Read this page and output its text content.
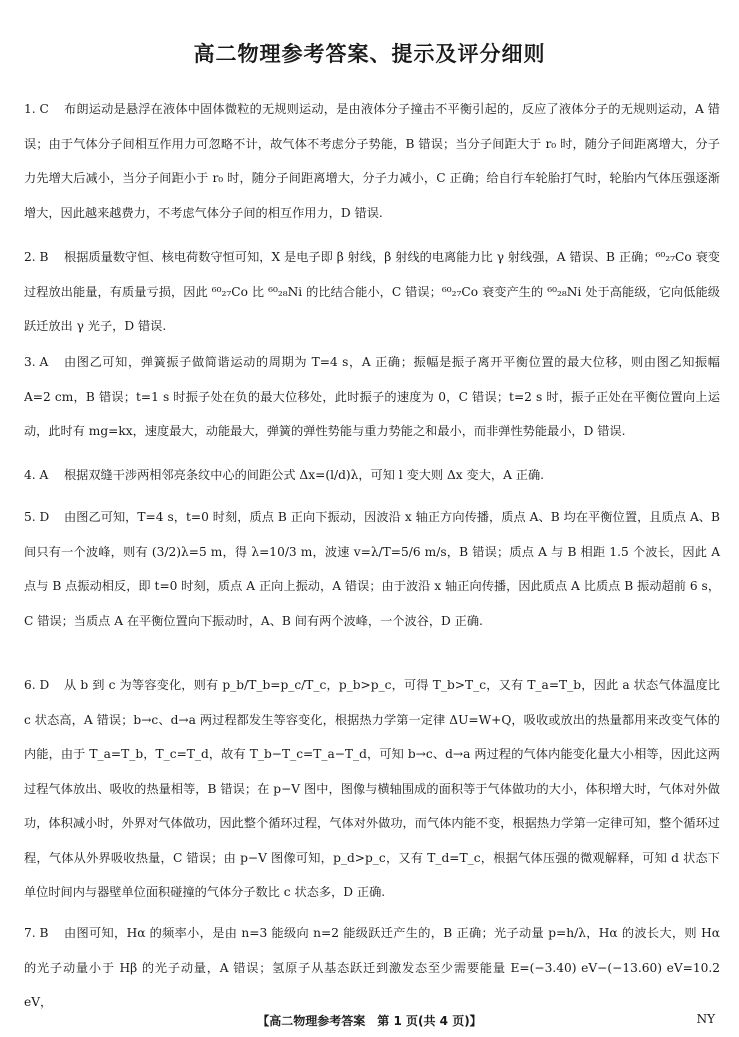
高二物理参考答案、提示及评分细则
1. C	布朗运动是悬浮在液体中固体微粒的无规则运动，是由液体分子撞击不平衡引起的，反应了液体分子的无规则运动，A 错误；由于气体分子间相互作用力可忽略不计，故气体不考虑分子势能，B 错误；当分子间距大于 r₀ 时，随分子间距离增大，分子力先增大后减小，当分子间距小于 r₀ 时，随分子间距离增大，分子力减小，C 正确；给自行车轮胎打气时，轮胎内气体压强逐渐增大，因此越来越费力，不考虑气体分子间的相互作用力，D 错误.
2. B	根据质量数守恒、核电荷数守恒可知，X 是电子即 β 射线，β 射线的电离能力比 γ 射线强，A 错误、B 正确；⁶⁰₂₇Co 衰变过程放出能量，有质量亏损，因此 ⁶⁰₂₇Co 比 ⁶⁰₂₈Ni 的比结合能小，C 错误；⁶⁰₂₇Co 衰变产生的 ⁶⁰₂₈Ni 处于高能级，它向低能级跃迁放出 γ 光子，D 错误.
3. A	由图乙可知，弹簧振子做简谐运动的周期为 T=4 s，A 正确；振幅是振子离开平衡位置的最大位移，则由图乙知振幅 A=2 cm，B 错误；t=1 s 时振子处在负的最大位移处，此时振子的速度为 0，C 错误；t=2 s 时，振子正处在平衡位置向上运动，此时有 mg=kx，速度最大，动能最大，弹簧的弹性势能与重力势能之和最小，而非弹性势能最小，D 错误.
4. A	根据双缝干涉两相邻亮条纹中心的间距公式 Δx=(l/d)λ，可知 l 变大则 Δx 变大，A 正确.
5. D	由图乙可知，T=4 s，t=0 时刻，质点 B 正向下振动，因波沿 x 轴正方向传播，质点 A、B 均在平衡位置，且质点 A、B 间只有一个波峰，则有 (3/2)λ=5 m，得 λ=10/3 m，波速 v=λ/T=5/6 m/s，B 错误；质点 A 与 B 相距 1.5 个波长，因此 A 点与 B 点振动相反，即 t=0 时刻，质点 A 正向上振动，A 错误；由于波沿 x 轴正向传播，因此质点 A 比质点 B 振动超前 6 s，C 错误；当质点 A 在平衡位置向下振动时，A、B 间有两个波峰，一个波谷，D 正确.
6. D	从 b 到 c 为等容变化，则有 p_b/T_b=p_c/T_c，p_b>p_c，可得 T_b>T_c，又有 T_a=T_b，因此 a 状态气体温度比 c 状态高，A 错误；b→c、d→a 两过程都发生等容变化，根据热力学第一定律 ΔU=W+Q，吸收或放出的热量都用来改变气体的内能，由于 T_a=T_b，T_c=T_d，故有 T_b−T_c=T_a−T_d，可知 b→c、d→a 两过程的气体内能变化量大小相等，因此这两过程气体放出、吸收的热量相等，B 错误；在 p−V 图中，图像与横轴围成的面积等于气体做功的大小，体积增大时，气体对外做功，体积减小时，外界对气体做功，因此整个循环过程，气体对外做功，而气体内能不变，根据热力学第一定律可知，整个循环过程，气体从外界吸收热量，C 错误；由 p−V 图像可知，p_d>p_c，又有 T_d=T_c，根据气体压强的微观解释，可知 d 状态下单位时间内与器壁单位面积碰撞的气体分子数比 c 状态多，D 正确.
7. B	由图可知，Hα 的频率小，是由 n=3 能级向 n=2 能级跃迁产生的，B 正确；光子动量 p=h/λ，Hα 的波长大，则 Hα 的光子动量小于 Hβ 的光子动量，A 错误；氢原子从基态跃迁到激发态至少需要能量 E=(−3.40) eV−(−13.60) eV=10.2 eV，
【高二物理参考答案　第 1 页(共 4 页)】	NY
